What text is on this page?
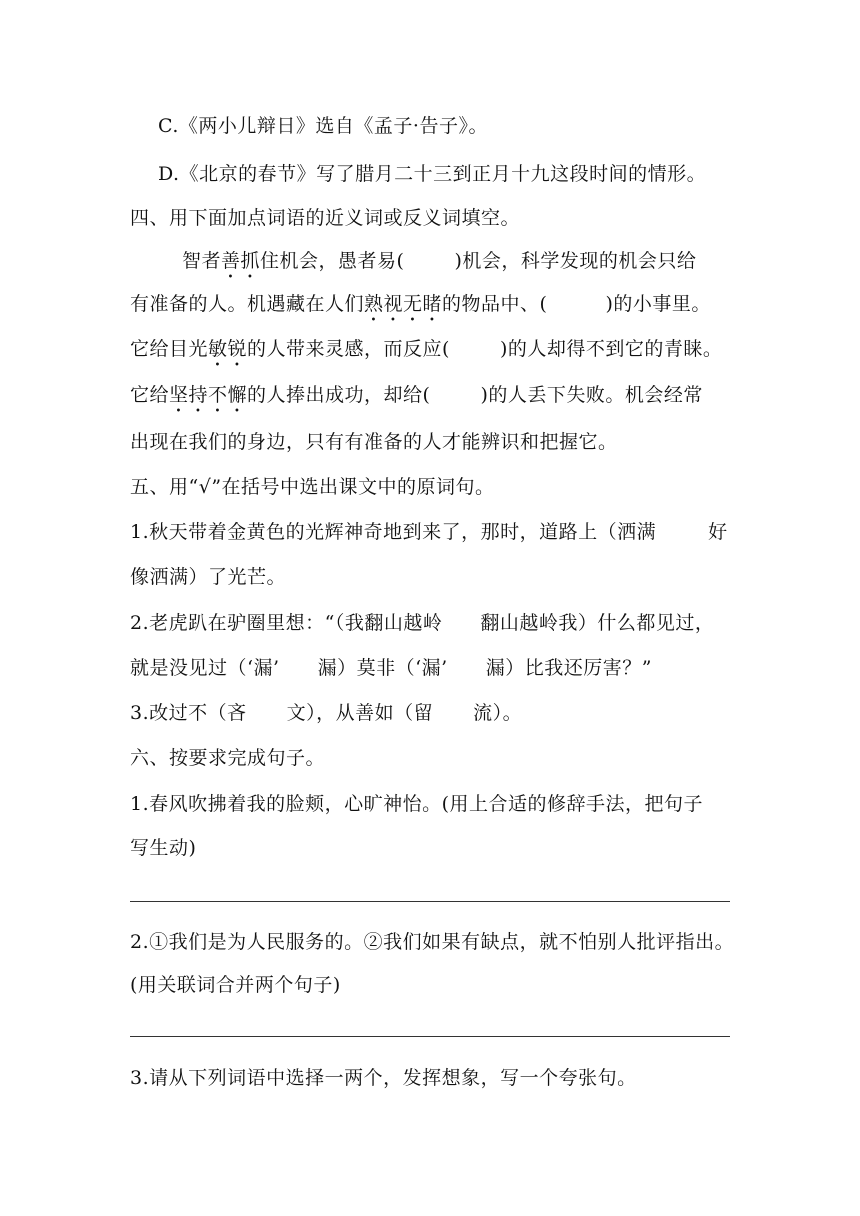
C.《两小儿辩日》选自《孟子·告子》。
D.《北京的春节》写了腊月二十三到正月十九这段时间的情形。
四、用下面加点词语的近义词或反义词填空。
智者善抓住机会，愚者易(	)机会，科学发现的机会只给
有准备的人。机遇藏在人们熟视无睹的物品中、(	)的小事里。
它给目光敏锐的人带来灵感，而反应(	)的人却得不到它的青睐。
它给坚持不懈的人捧出成功，却给(	)的人丢下失败。机会经常
出现在我们的身边，只有有准备的人才能辨识和把握它。
五、用“√”在括号中选出课文中的原词句。
1.秋天带着金黄色的光辉神奇地到来了，那时，道路上（洒满	好
像洒满）了光芒。
2.老虎趴在驴圈里想：“（我翻山越岭 翻山越岭我）什么都见过，
就是没见过（‘漏’ 漏）莫非（‘漏’ 漏）比我还厉害？”
3.改过不（吝 文），从善如（留 流）。
六、按要求完成句子。
1.春风吹拂着我的脸颊，心旷神怡。(用上合适的修辞手法，把句子
写生动)
2.①我们是为人民服务的。②我们如果有缺点，就不怕别人批评指出。
(用关联词合并两个句子)
3.请从下列词语中选择一两个，发挥想象，写一个夸张句。
